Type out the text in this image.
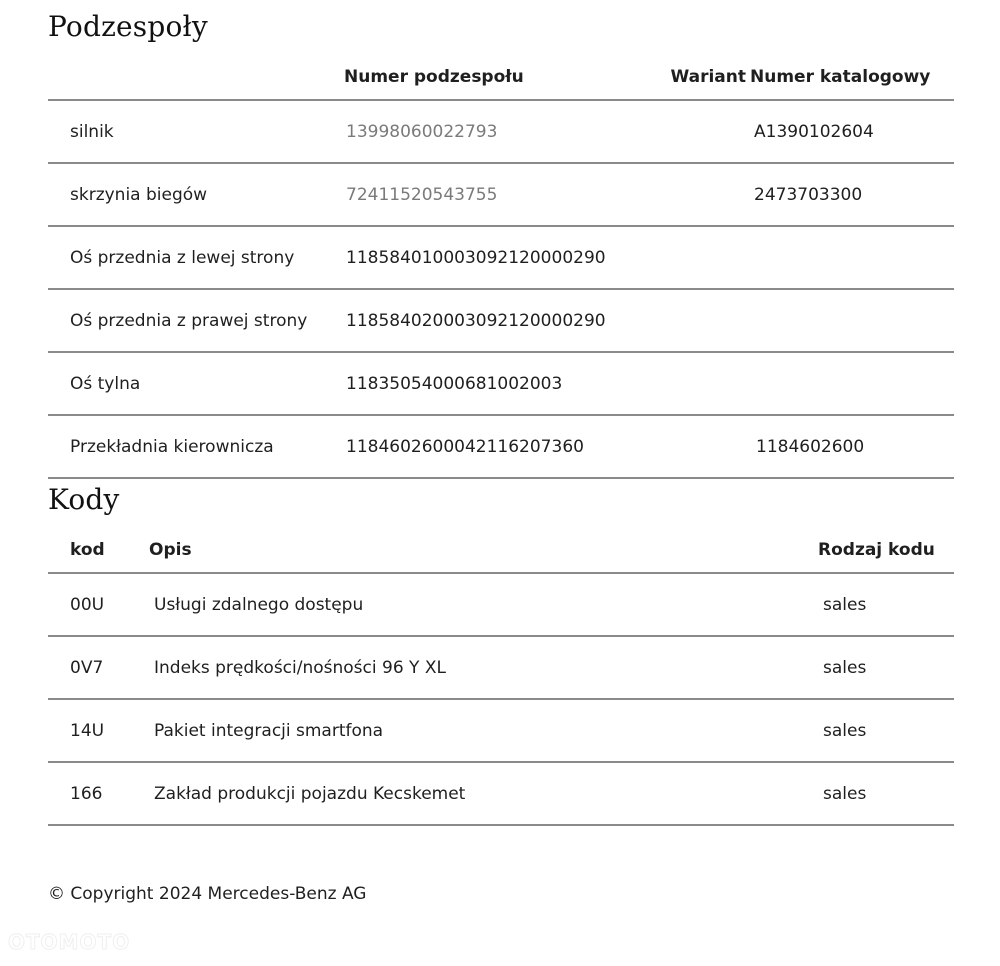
Podzespoły
	Numer podzespołu	Wariant	Numer katalogowy
silnik	13998060022793		A1390102604
skrzynia biegów	72411520543755		2473703300
Oś przednia z lewej strony	118584010003092120000290		
Oś przednia z prawej strony	118584020003092120000290		
Oś tylna	11835054000681002003		
Przekładnia kierownicza	1184602600042116207360		1184602600
Kody
kod	Opis	Rodzaj kodu
00U	Usługi zdalnego dostępu	sales
0V7	Indeks prędkości/nośności 96 Y XL	sales
14U	Pakiet integracji smartfona	sales
166	Zakład produkcji pojazdu Kecskemet	sales
© Copyright 2024 Mercedes-Benz AG
OTOMOTO
